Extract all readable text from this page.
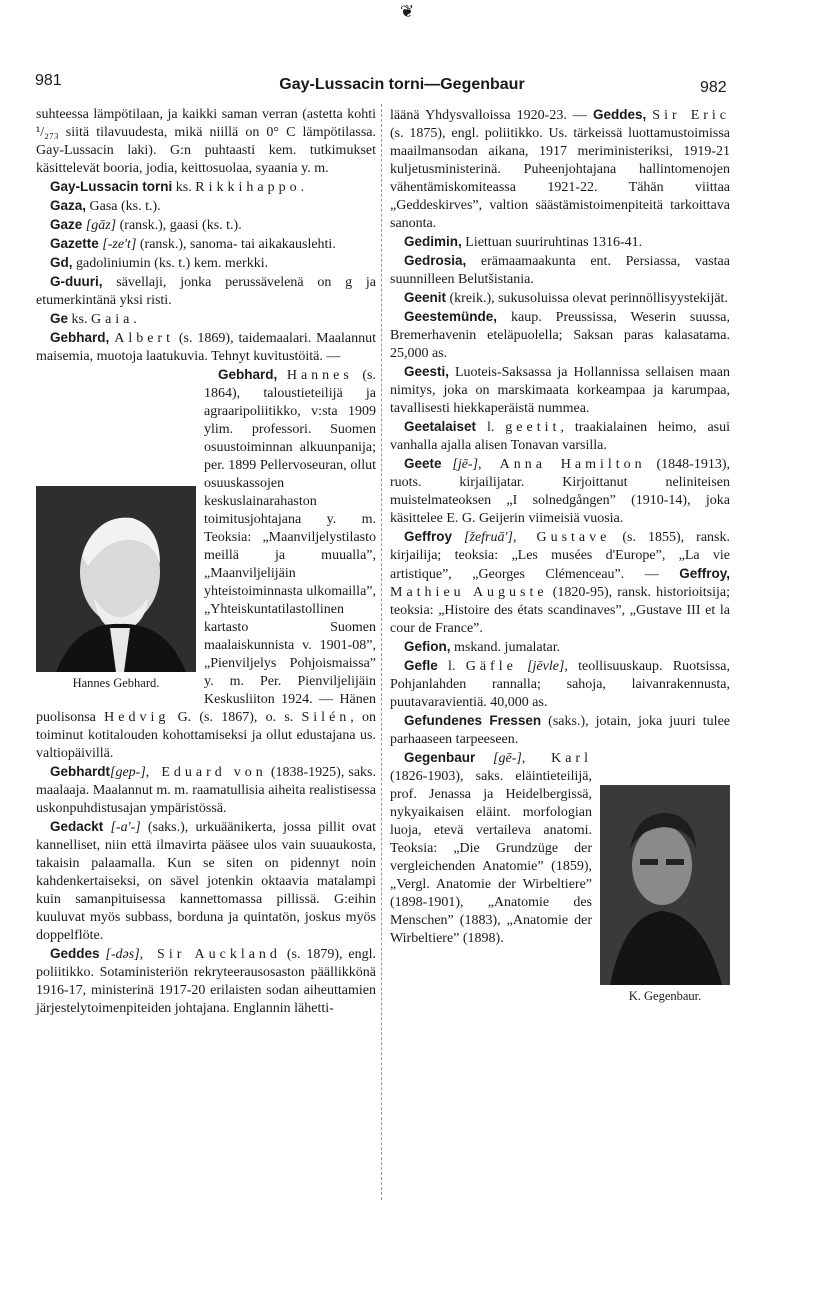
❦
981	Gay-Lussacin torni—Gegenbaur	982

suhteessa lämpötilaan, ja kaikki saman verran (astetta kohti ¹/₂₇₃ siitä tilavuudesta, mikä niillä on 0° C lämpötilassa. Gay-Lussacin laki). G:n puhtaasti kem. tutkimukset käsittelevät booria, jodia, keittosuolaa, syaania y. m.

Gay-Lussacin torni ks. Rikkihappo.

Gaza, Gasa (ks. t.).

Gaze [gāz] (ransk.), gaasi (ks. t.).

Gazette [-ze't] (ransk.), sanoma- tai aikakauslehti.

Gd, gadoliniumin (ks. t.) kem. merkki.

G-duuri, sävellaji, jonka perussävelenä on g ja etumerkintänä yksi risti.

Ge ks. Gaia.

Gebhard, Albert (s. 1869), taidemaalari. Maalannut maisemia, muotoja laatukuvia. Tehnyt kuvitustöitä. —

Hannes Gebhard.

Gebhard, Hannes (s. 1864), taloustieteilijä ja agraaripoliitikko, v:sta 1909 ylim. professori. Suomen osuustoiminnan alkuunpanija; per. 1899 Pellervoseuran, ollut osuuskassojen keskuslainarahaston toimitusjohtajana y. m. Teoksia: „Maanviljelystilasto meillä ja muualla”, „Maanviljelijäin yhteistoiminnasta ulkomailla”, „Yhteiskuntatilastollinen kartasto Suomen maalaiskunnista v. 1901-08”, „Pienviljelys Pohjoismaissa” y. m. Per. Pienviljelijäin Keskusliiton 1924. — Hänen puolisonsa Hedvig G. (s. 1867), o. s. Silén, on toiminut kotitalouden kohottamiseksi ja ollut edustajana us. valtiopäivillä.

Gebhardt[gep-], Eduard von (1838-1925), saks. maalaaja. Maalannut m. m. raamatullisia aiheita realistisessa uskonpuhdistusajan ympäristössä.

Gedackt [-a'-] (saks.), urkuäänikerta, jossa pillit ovat kannelliset, niin että ilmavirta pääsee ulos vain suuaukosta, takaisin palaamalla. Kun se siten on pidennyt noin kahdenkertaiseksi, on sävel jotenkin oktaavia matalampi kuin samanpituisessa kannettomassa pillissä. G:eihin kuuluvat myös subbass, borduna ja quintatön, joskus myös doppelflöte.

Geddes [-dəs], Sir Auckland (s. 1879), engl. poliitikko. Sotaministeriön rekryteerausosaston päällikkönä 1916-17, ministerinä 1917-20 erilaisten sodan aiheuttamien järjestelytoimenpiteiden johtajana. Englannin lähetti-

läänä Yhdysvalloissa 1920-23. — Geddes, Sir Eric (s. 1875), engl. poliitikko. Us. tärkeissä luottamustoimissa maailmansodan aikana, 1917 meriministeriksi, 1919-21 kuljetusministerinä. Puheenjohtajana hallintomenojen vähentämiskomiteassa 1921-22. Tähän viittaa „Geddeskirves”, valtion säästämistoimenpiteitä tarkoittava sanonta.

Gedimin, Liettuan suuriruhtinas 1316-41.

Gedrosia, erämaamaakunta ent. Persiassa, vastaa suunnilleen Belutšistania.

Geenit (kreik.), sukusoluissa olevat perinnöllisyystekijät.

Geestemünde, kaup. Preussissa, Weserin suussa, Bremerhavenin eteläpuolella; Saksan paras kalasatama. 25,000 as.

Geesti, Luoteis-Saksassa ja Hollannissa sellaisen maan nimitys, joka on marskimaata korkeampaa ja karumpaa, tavallisesti hiekkaperäistä nummea.

Geetalaiset l. geetit, traakialainen heimo, asui vanhalla ajalla alisen Tonavan varsilla.

Geete [jē-], Anna Hamilton (1848-1913), ruots. kirjailijatar. Kirjoittanut neliniteisen muistelmateoksen „I solnedgången” (1910-14), joka käsittelee E. G. Geijerin viimeisiä vuosia.

Geffroy [žefruā'], Gustave (s. 1855), ransk. kirjailija; teoksia: „Les musées d'Europe”, „La vie artistique”, „Georges Clémenceau”. — Geffroy, Mathieu Auguste (1820-95), ransk. historioitsija; teoksia: „Histoire des états scandinaves”, „Gustave III et la cour de France”.

Gefion, mskand. jumalatar.

Gefle l. Gäfle [jēvle], teollisuuskaup. Ruotsissa, Pohjanlahden rannalla; sahoja, laivanrakennusta, puutavaravientiä. 40,000 as.

Gefundenes Fressen (saks.), jotain, joka juuri tulee parhaaseen tarpeeseen.

K. Gegenbaur.

Gegenbaur [gē-], Karl (1826-1903), saks. eläintieteilijä, prof. Jenassa ja Heidelbergissä, nykyaikaisen eläint. morfologian luoja, etevä vertaileva anatomi. Teoksia: „Die Grundzüge der vergleichenden Anatomie” (1859), „Vergl. Anatomie der Wirbeltiere” (1898-1901), „Anatomie des Menschen” (1883), „Anatomie der Wirbeltiere” (1898).
